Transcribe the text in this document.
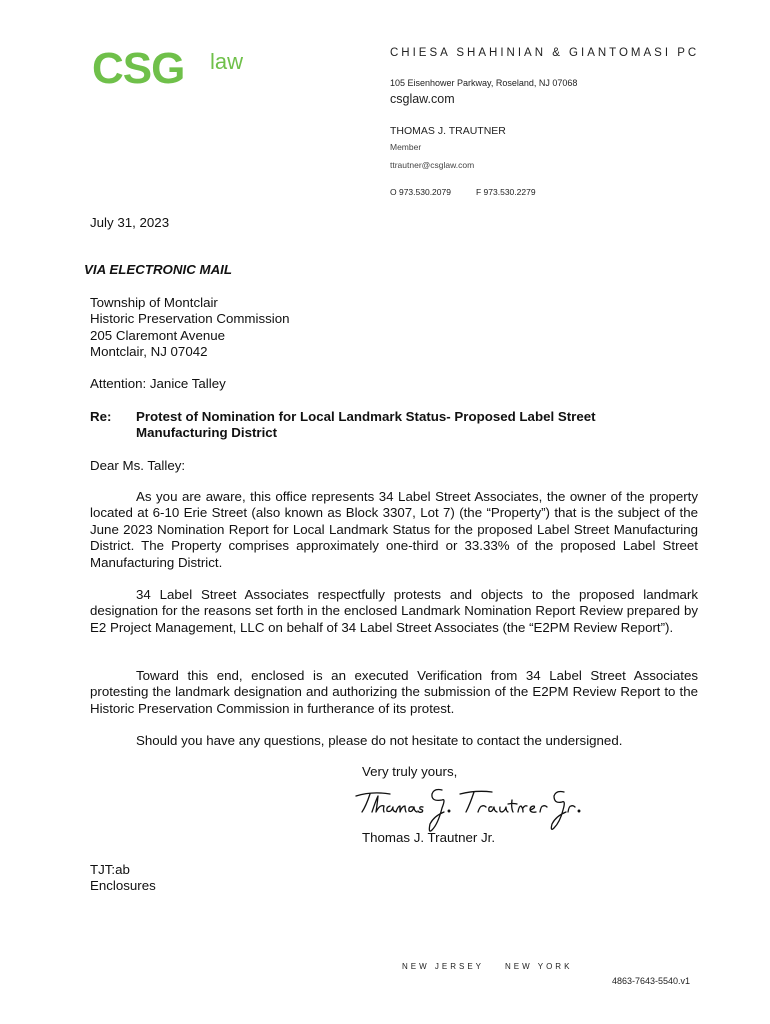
CSG law	CHIESA SHAHINIAN & GIANTOMASI PC
105 Eisenhower Parkway, Roseland, NJ 07068
csglaw.com
THOMAS J. TRAUTNER
Member
ttrautner@csglaw.com
O 973.530.2079	F 973.530.2279
July 31, 2023
VIA ELECTRONIC MAIL
Township of Montclair
Historic Preservation Commission
205 Claremont Avenue
Montclair, NJ 07042
Attention: Janice Talley
Re: Protest of Nomination for Local Landmark Status- Proposed Label Street Manufacturing District
Dear Ms. Talley:

As you are aware, this office represents 34 Label Street Associates, the owner of the property located at 6-10 Erie Street (also known as Block 3307, Lot 7) (the “Property”) that is the subject of the June 2023 Nomination Report for Local Landmark Status for the proposed Label Street Manufacturing District. The Property comprises approximately one-third or 33.33% of the proposed Label Street Manufacturing District.

34 Label Street Associates respectfully protests and objects to the proposed landmark designation for the reasons set forth in the enclosed Landmark Nomination Report Review prepared by E2 Project Management, LLC on behalf of 34 Label Street Associates (the “E2PM Review Report”).

Toward this end, enclosed is an executed Verification from 34 Label Street Associates protesting the landmark designation and authorizing the submission of the E2PM Review Report to the Historic Preservation Commission in furtherance of its protest.

Should you have any questions, please do not hesitate to contact the undersigned.
Very truly yours,
Thomas J. Trautner Jr.
TJT:ab
Enclosures
NEW JERSEY	NEW YORK
4863-7643-5540.v1
